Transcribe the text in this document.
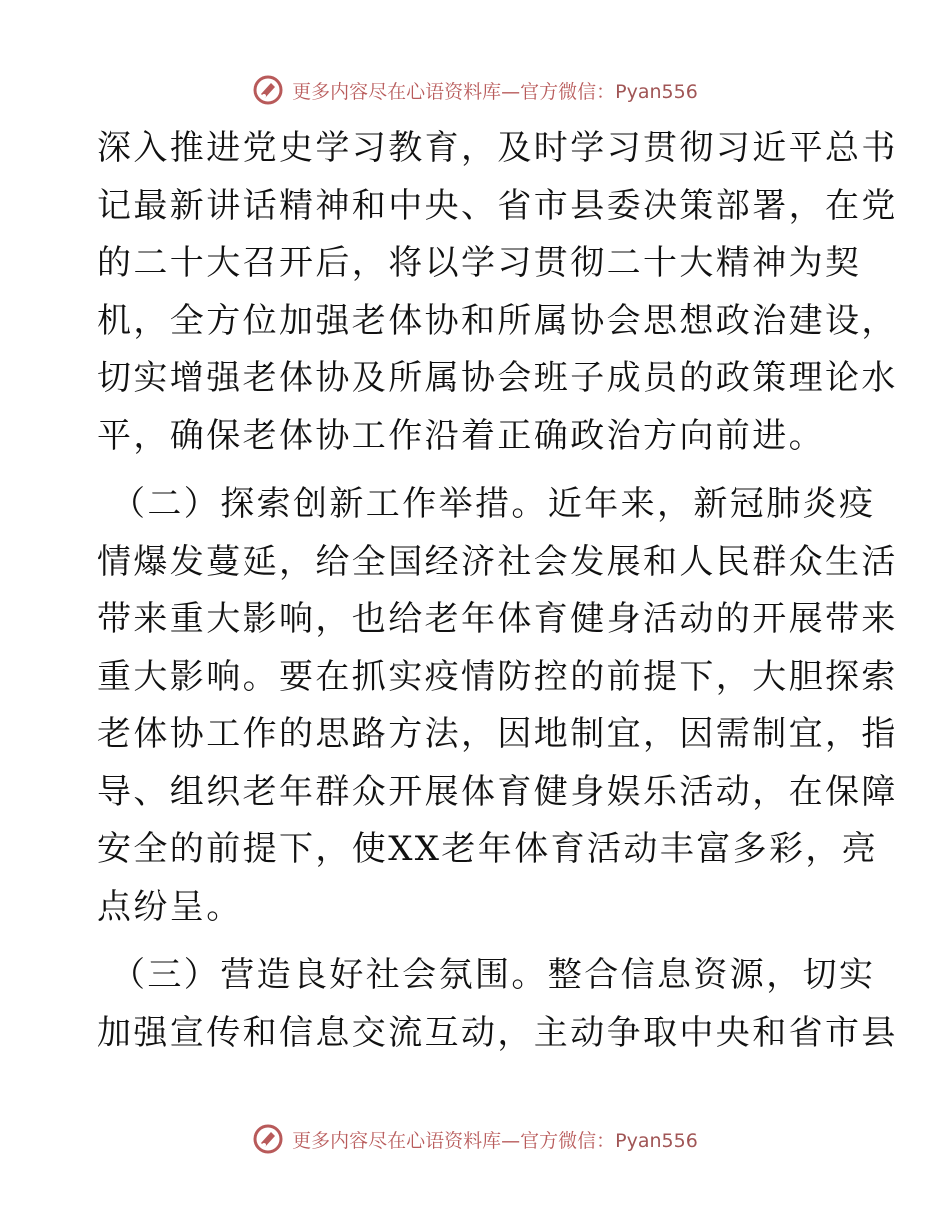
更多内容尽在心语资料库—官方微信：Pyan556
深入推进党史学习教育，及时学习贯彻习近平总书
记最新讲话精神和中央、省市县委决策部署，在党
的二十大召开后，将以学习贯彻二十大精神为契
机，全方位加强老体协和所属协会思想政治建设，
切实增强老体协及所属协会班子成员的政策理论水
平，确保老体协工作沿着正确政治方向前进。
（二）探索创新工作举措。近年来，新冠肺炎疫
情爆发蔓延，给全国经济社会发展和人民群众生活
带来重大影响，也给老年体育健身活动的开展带来
重大影响。要在抓实疫情防控的前提下，大胆探索
老体协工作的思路方法，因地制宜，因需制宜，指
导、组织老年群众开展体育健身娱乐活动，在保障
安全的前提下，使XX老年体育活动丰富多彩，亮
点纷呈。
（三）营造良好社会氛围。整合信息资源，切实
加强宣传和信息交流互动，主动争取中央和省市县
更多内容尽在心语资料库—官方微信：Pyan556
